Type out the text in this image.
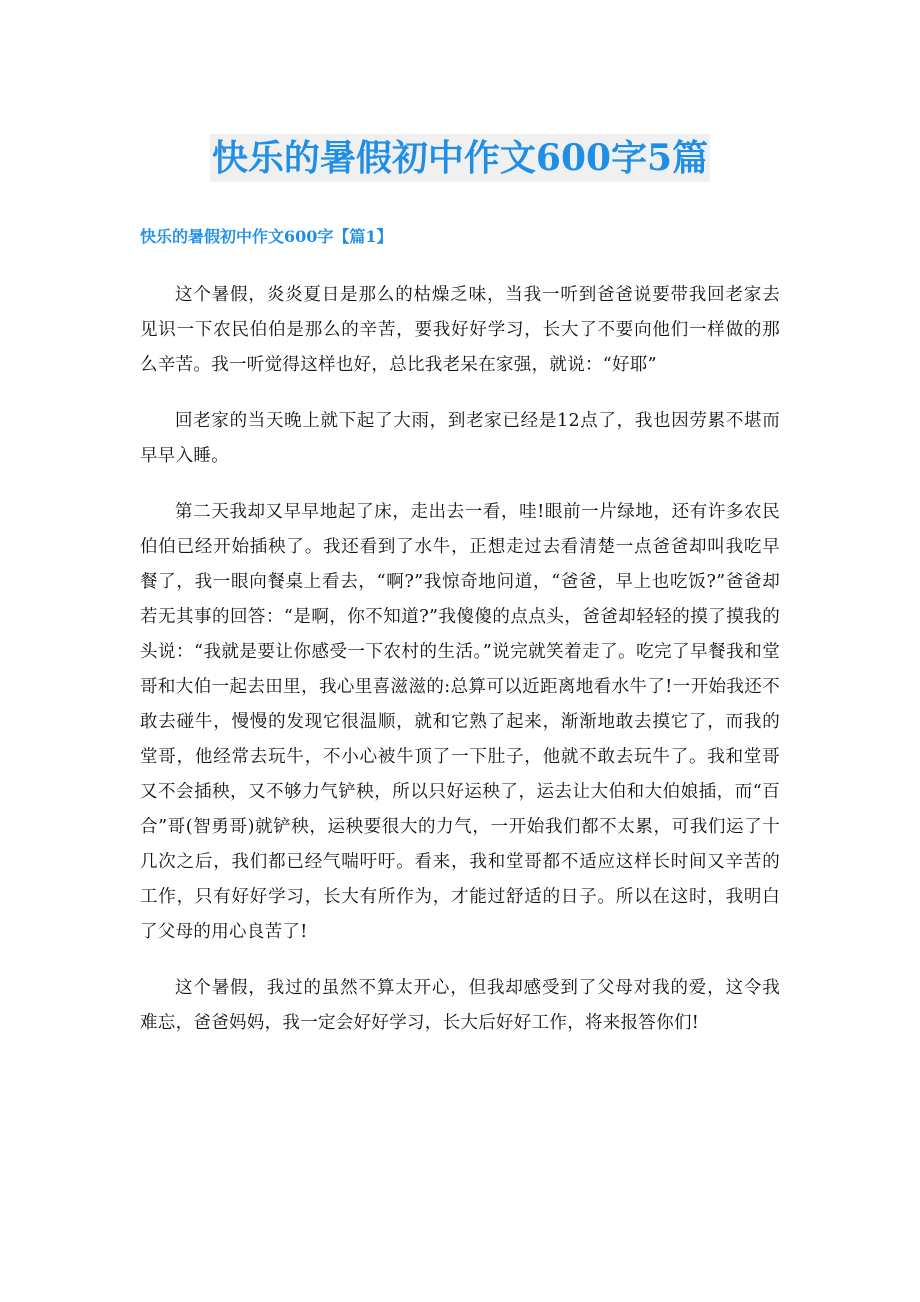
快乐的暑假初中作文600字5篇
快乐的暑假初中作文600字【篇1】

这个暑假，炎炎夏日是那么的枯燥乏味，当我一听到爸爸说要带我回老家去见识一下农民伯伯是那么的辛苦，要我好好学习，长大了不要向他们一样做的那么辛苦。我一听觉得这样也好，总比我老呆在家强，就说：“好耶”

回老家的当天晚上就下起了大雨，到老家已经是12点了，我也因劳累不堪而早早入睡。

第二天我却又早早地起了床，走出去一看，哇!眼前一片绿地，还有许多农民伯伯已经开始插秧了。我还看到了水牛，正想走过去看清楚一点爸爸却叫我吃早餐了，我一眼向餐桌上看去，“啊?”我惊奇地问道，“爸爸，早上也吃饭?”爸爸却若无其事的回答：“是啊，你不知道?”我傻傻的点点头，爸爸却轻轻的摸了摸我的头说：“我就是要让你感受一下农村的生活。”说完就笑着走了。吃完了早餐我和堂哥和大伯一起去田里，我心里喜滋滋的:总算可以近距离地看水牛了!一开始我还不敢去碰牛，慢慢的发现它很温顺，就和它熟了起来，渐渐地敢去摸它了，而我的堂哥，他经常去玩牛，不小心被牛顶了一下肚子，他就不敢去玩牛了。我和堂哥又不会插秧，又不够力气铲秧，所以只好运秧了，运去让大伯和大伯娘插，而“百合”哥(智勇哥)就铲秧，运秧要很大的力气，一开始我们都不太累，可我们运了十几次之后，我们都已经气喘吁吁。看来，我和堂哥都不适应这样长时间又辛苦的工作，只有好好学习，长大有所作为，才能过舒适的日子。所以在这时，我明白了父母的用心良苦了!

这个暑假，我过的虽然不算太开心，但我却感受到了父母对我的爱，这令我难忘，爸爸妈妈，我一定会好好学习，长大后好好工作，将来报答你们!
